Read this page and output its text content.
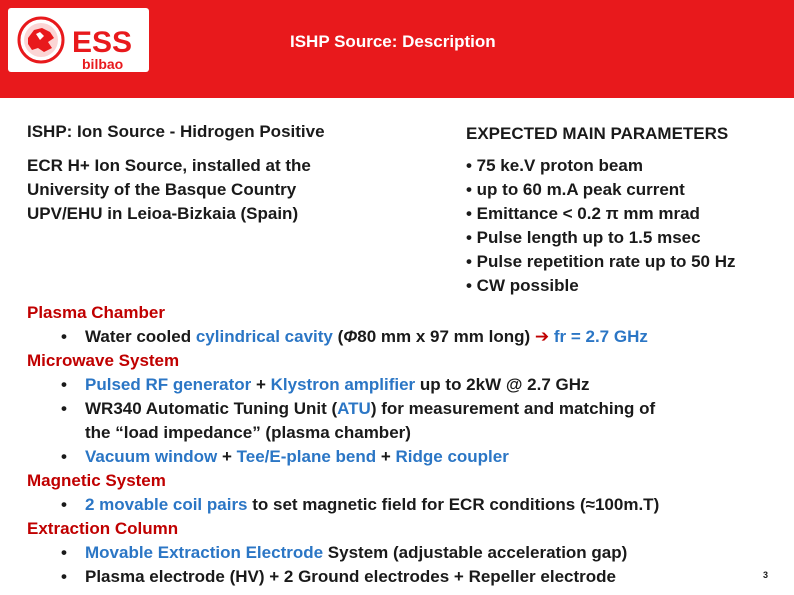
ESS
bilbao
ISHP Source: Description
ISHP: Ion Source - Hidrogen Positive
ECR H+ Ion Source, installed at the
University of the Basque Country
UPV/EHU in Leioa-Bizkaia (Spain)
EXPECTED MAIN PARAMETERS
• 75 ke.V proton beam
• up to 60 m.A peak current
• Emittance < 0.2 π mm mrad
• Pulse length up to 1.5 msec
• Pulse repetition rate up to 50 Hz
• CW possible
Plasma Chamber
• Water cooled cylindrical cavity (Φ80 mm x 97 mm long) ➔ fr = 2.7 GHz
Microwave System
• Pulsed RF generator + Klystron amplifier up to 2kW @ 2.7 GHz
• WR340 Automatic Tuning Unit (ATU) for measurement and matching of
the “load impedance” (plasma chamber)
• Vacuum window + Tee/E-plane bend + Ridge coupler
Magnetic System
• 2 movable coil pairs to set magnetic field for ECR conditions (≈100m.T)
Extraction Column
• Movable Extraction Electrode System (adjustable acceleration gap)
• Plasma electrode (HV) + 2 Ground electrodes + Repeller electrode	3
